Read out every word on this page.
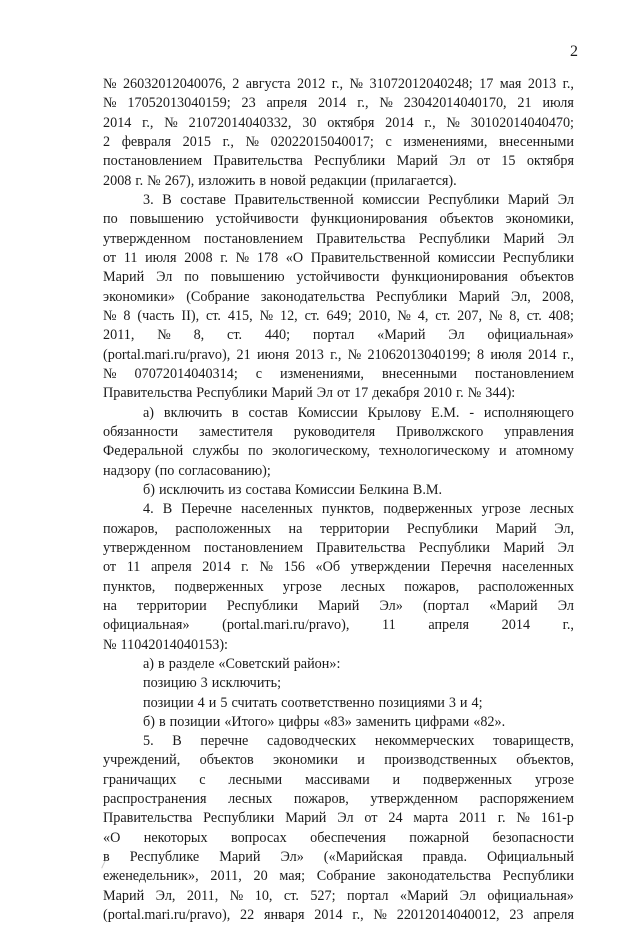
2
№ 26032012040076, 2 августа 2012 г., № 31072012040248; 17 мая 2013 г.,
№ 17052013040159; 23 апреля 2014 г., № 23042014040170, 21 июля
2014 г., № 21072014040332, 30 октября 2014 г., № 30102014040470;
2 февраля 2015 г., № 02022015040017; с изменениями, внесенными
постановлением Правительства Республики Марий Эл от 15 октября
2008 г. № 267), изложить в новой редакции (прилагается).
3. В составе Правительственной комиссии Республики Марий Эл
по повышению устойчивости функционирования объектов экономики,
утвержденном постановлением Правительства Республики Марий Эл
от 11 июля 2008 г. № 178 «О Правительственной комиссии Республики
Марий Эл по повышению устойчивости функционирования объектов
экономики» (Собрание законодательства Республики Марий Эл, 2008,
№ 8 (часть II), ст. 415, № 12, ст. 649; 2010, № 4, ст. 207, № 8, ст. 408;
2011, № 8, ст. 440; портал «Марий Эл официальная»
(portal.mari.ru/pravo), 21 июня 2013 г., № 21062013040199; 8 июля 2014 г.,
№ 07072014040314; с изменениями, внесенными постановлением
Правительства Республики Марий Эл от 17 декабря 2010 г. № 344):
а) включить в состав Комиссии Крылову Е.М. - исполняющего
обязанности заместителя руководителя Приволжского управления
Федеральной службы по экологическому, технологическому и атомному
надзору (по согласованию);
б) исключить из состава Комиссии Белкина В.М.
4. В Перечне населенных пунктов, подверженных угрозе лесных
пожаров, расположенных на территории Республики Марий Эл,
утвержденном постановлением Правительства Республики Марий Эл
от 11 апреля 2014 г. № 156 «Об утверждении Перечня населенных
пунктов, подверженных угрозе лесных пожаров, расположенных
на территории Республики Марий Эл» (портал «Марий Эл
официальная» (portal.mari.ru/pravo), 11 апреля 2014 г.,
№ 11042014040153):
а) в разделе «Советский район»:
позицию 3 исключить;
позиции 4 и 5 считать соответственно позициями 3 и 4;
б) в позиции «Итого» цифры «83» заменить цифрами «82».
5. В перечне садоводческих некоммерческих товариществ,
учреждений, объектов экономики и производственных объектов,
граничащих с лесными массивами и подверженных угрозе
распространения лесных пожаров, утвержденном распоряжением
Правительства Республики Марий Эл от 24 марта 2011 г. № 161-р
«О некоторых вопросах обеспечения пожарной безопасности
в Республике Марий Эл» («Марийская правда. Официальный
еженедельник», 2011, 20 мая; Собрание законодательства Республики
Марий Эл, 2011, № 10, ст. 527; портал «Марий Эл официальная»
(portal.mari.ru/pravo), 22 января 2014 г., № 22012014040012, 23 апреля
